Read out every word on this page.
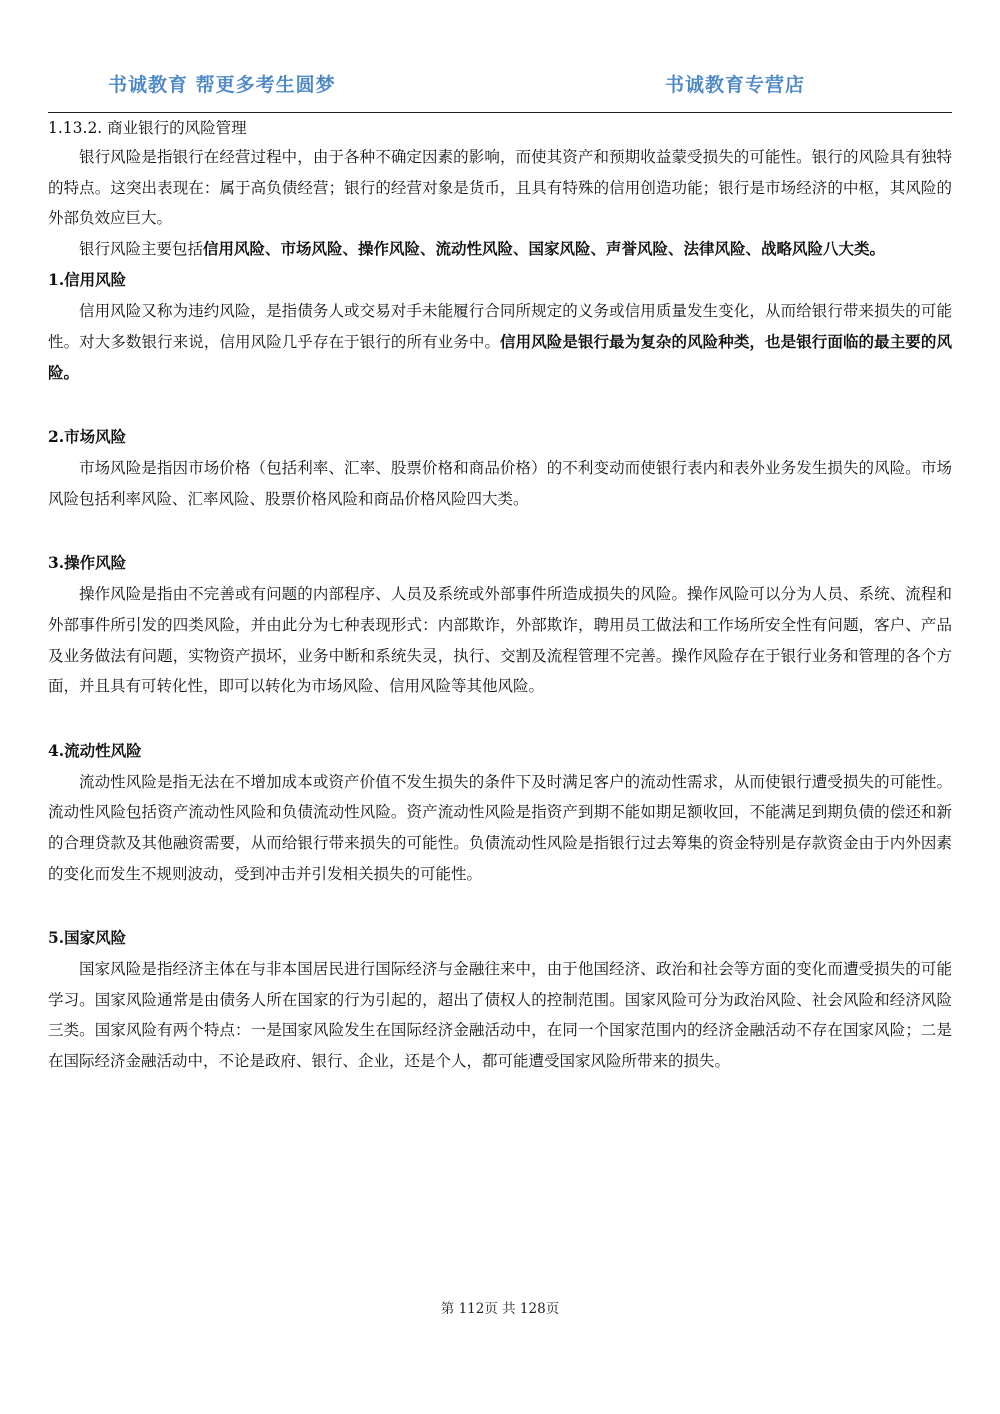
书诚教育 帮更多考生圆梦	书诚教育专营店
1.13.2. 商业银行的风险管理

银行风险是指银行在经营过程中，由于各种不确定因素的影响，而使其资产和预期收益蒙受损失的可能性。银行的风险具有独特的特点。这突出表现在：属于高负债经营；银行的经营对象是货币，且具有特殊的信用创造功能；银行是市场经济的中枢，其风险的外部负效应巨大。

银行风险主要包括信用风险、市场风险、操作风险、流动性风险、国家风险、声誉风险、法律风险、战略风险八大类。

1.信用风险

信用风险又称为违约风险，是指债务人或交易对手未能履行合同所规定的义务或信用质量发生变化，从而给银行带来损失的可能性。对大多数银行来说，信用风险几乎存在于银行的所有业务中。信用风险是银行最为复杂的风险种类，也是银行面临的最主要的风险。

2.市场风险

市场风险是指因市场价格（包括利率、汇率、股票价格和商品价格）的不利变动而使银行表内和表外业务发生损失的风险。市场风险包括利率风险、汇率风险、股票价格风险和商品价格风险四大类。

3.操作风险

操作风险是指由不完善或有问题的内部程序、人员及系统或外部事件所造成损失的风险。操作风险可以分为人员、系统、流程和外部事件所引发的四类风险，并由此分为七种表现形式：内部欺诈，外部欺诈，聘用员工做法和工作场所安全性有问题，客户、产品及业务做法有问题，实物资产损坏，业务中断和系统失灵，执行、交割及流程管理不完善。操作风险存在于银行业务和管理的各个方面，并且具有可转化性，即可以转化为市场风险、信用风险等其他风险。

4.流动性风险

流动性风险是指无法在不增加成本或资产价值不发生损失的条件下及时满足客户的流动性需求，从而使银行遭受损失的可能性。流动性风险包括资产流动性风险和负债流动性风险。资产流动性风险是指资产到期不能如期足额收回，不能满足到期负债的偿还和新的合理贷款及其他融资需要，从而给银行带来损失的可能性。负债流动性风险是指银行过去筹集的资金特别是存款资金由于内外因素的变化而发生不规则波动，受到冲击并引发相关损失的可能性。

5.国家风险

国家风险是指经济主体在与非本国居民进行国际经济与金融往来中，由于他国经济、政治和社会等方面的变化而遭受损失的可能学习。国家风险通常是由债务人所在国家的行为引起的，超出了债权人的控制范围。国家风险可分为政治风险、社会风险和经济风险三类。国家风险有两个特点：一是国家风险发生在国际经济金融活动中，在同一个国家范围内的经济金融活动不存在国家风险；二是在国际经济金融活动中，不论是政府、银行、企业，还是个人，都可能遭受国家风险所带来的损失。

第 112页 共 128页
